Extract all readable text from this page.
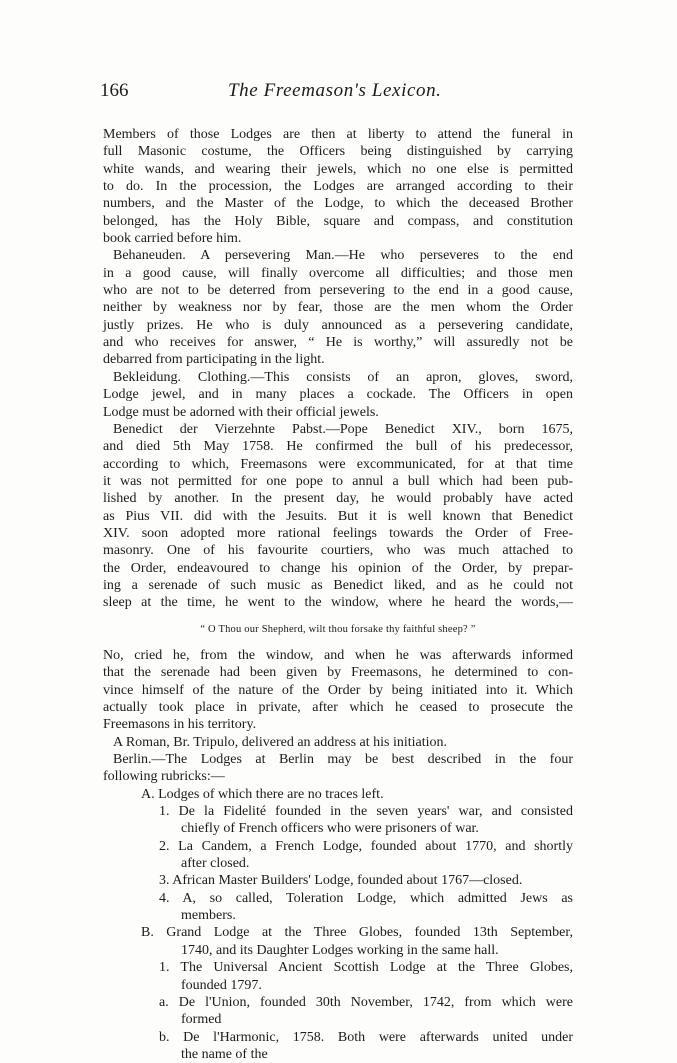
166	The Freemason's Lexicon.
Members of those Lodges are then at liberty to attend the funeral in
full Masonic costume, the Officers being distinguished by carrying
white wands, and wearing their jewels, which no one else is permitted
to do. In the procession, the Lodges are arranged according to their
numbers, and the Master of the Lodge, to which the deceased Brother
belonged, has the Holy Bible, square and compass, and constitution
book carried before him.
Behaneuden. A persevering Man.—He who perseveres to the end
in a good cause, will finally overcome all difficulties; and those men
who are not to be deterred from persevering to the end in a good cause,
neither by weakness nor by fear, those are the men whom the Order
justly prizes. He who is duly announced as a persevering candidate,
and who receives for answer, “ He is worthy,” will assuredly not be
debarred from participating in the light.
Bekleidung. Clothing.—This consists of an apron, gloves, sword,
Lodge jewel, and in many places a cockade. The Officers in open
Lodge must be adorned with their official jewels.
Benedict der Vierzehnte Pabst.—Pope Benedict XIV., born 1675,
and died 5th May 1758. He confirmed the bull of his predecessor,
according to which, Freemasons were excommunicated, for at that time
it was not permitted for one pope to annul a bull which had been pub-
lished by another. In the present day, he would probably have acted
as Pius VII. did with the Jesuits. But it is well known that Benedict
XIV. soon adopted more rational feelings towards the Order of Free-
masonry. One of his favourite courtiers, who was much attached to
the Order, endeavoured to change his opinion of the Order, by prepar-
ing a serenade of such music as Benedict liked, and as he could not
sleep at the time, he went to the window, where he heard the words,—
“ O Thou our Shepherd, wilt thou forsake thy faithful sheep? ”
No, cried he, from the window, and when he was afterwards informed
that the serenade had been given by Freemasons, he determined to con-
vince himself of the nature of the Order by being initiated into it. Which
actually took place in private, after which he ceased to prosecute the
Freemasons in his territory.
A Roman, Br. Tripulo, delivered an address at his initiation.
Berlin.—The Lodges at Berlin may be best described in the four
following rubricks:—
A. Lodges of which there are no traces left.
1. De la Fidelité founded in the seven years' war, and consisted
chiefly of French officers who were prisoners of war.
2. La Candem, a French Lodge, founded about 1770, and shortly
after closed.
3. African Master Builders' Lodge, founded about 1767—closed.
4. A, so called, Toleration Lodge, which admitted Jews as
members.
B. Grand Lodge at the Three Globes, founded 13th September,
1740, and its Daughter Lodges working in the same hall.
1. The Universal Ancient Scottish Lodge at the Three Globes,
founded 1797.
a. De l'Union, founded 30th November, 1742, from which were
formed
b. De l'Harmonic, 1758. Both were afterwards united under
the name of the
